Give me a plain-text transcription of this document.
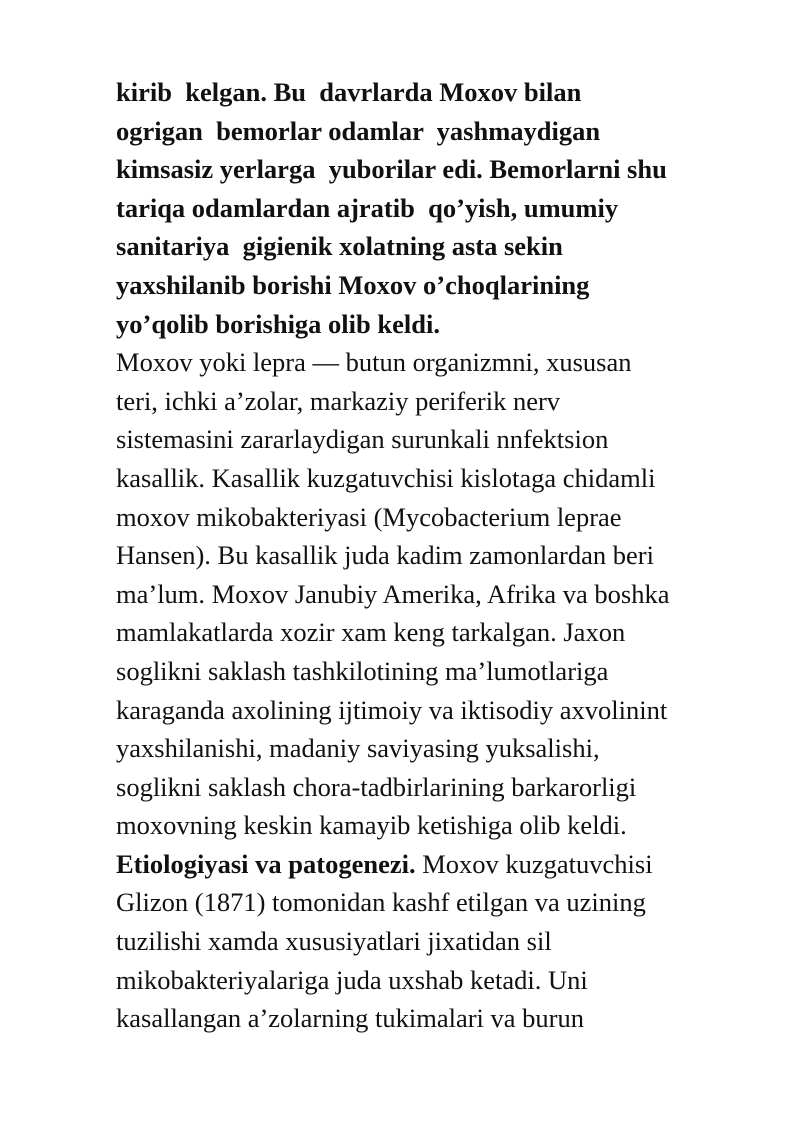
kirib  kelgan. Bu  davrlarda Moxov bilan
ogrigan  bemorlar odamlar  yashmaydigan
kimsasiz yerlarga  yuborilar edi. Bemorlarni shu
tariqa odamlardan ajratib  qo’yish, umumiy
sanitariya  gigienik xolatning asta sekin
yaxshilanib borishi Moxov o’choqlarining
yo’qolib borishiga olib keldi.
Moxov yoki lepra — butun organizmni, xususan
teri, ichki a’zolar, markaziy periferik nerv
sistemasini zararlaydigan surunkali nnfektsion
kasallik. Kasallik kuzgatuvchisi kislotaga chidamli
moxov mikobakteriyasi (Mycobacterium leprae
Hansen). Bu kasallik juda kadim zamonlardan beri
ma’lum. Moxov Janubiy Amerika, Afrika va boshka
mamlakatlarda xozir xam keng tarkalgan. Jaxon
soglikni saklash tashkilotining ma’lumotlariga
karaganda axolining ijtimoiy va iktisodiy axvolinint
yaxshilanishi, madaniy saviyasing yuksalishi,
soglikni saklash chora-tadbirlarining barkarorligi
moxovning keskin kamayib ketishiga olib keldi.
Etiologiyasi va patogenezi. Moxov kuzgatuvchisi
Glizon (1871) tomonidan kashf etilgan va uzining
tuzilishi xamda xususiyatlari jixatidan sil
mikobakteriyalariga juda uxshab ketadi. Uni
kasallangan a’zolarning tukimalari va burun
